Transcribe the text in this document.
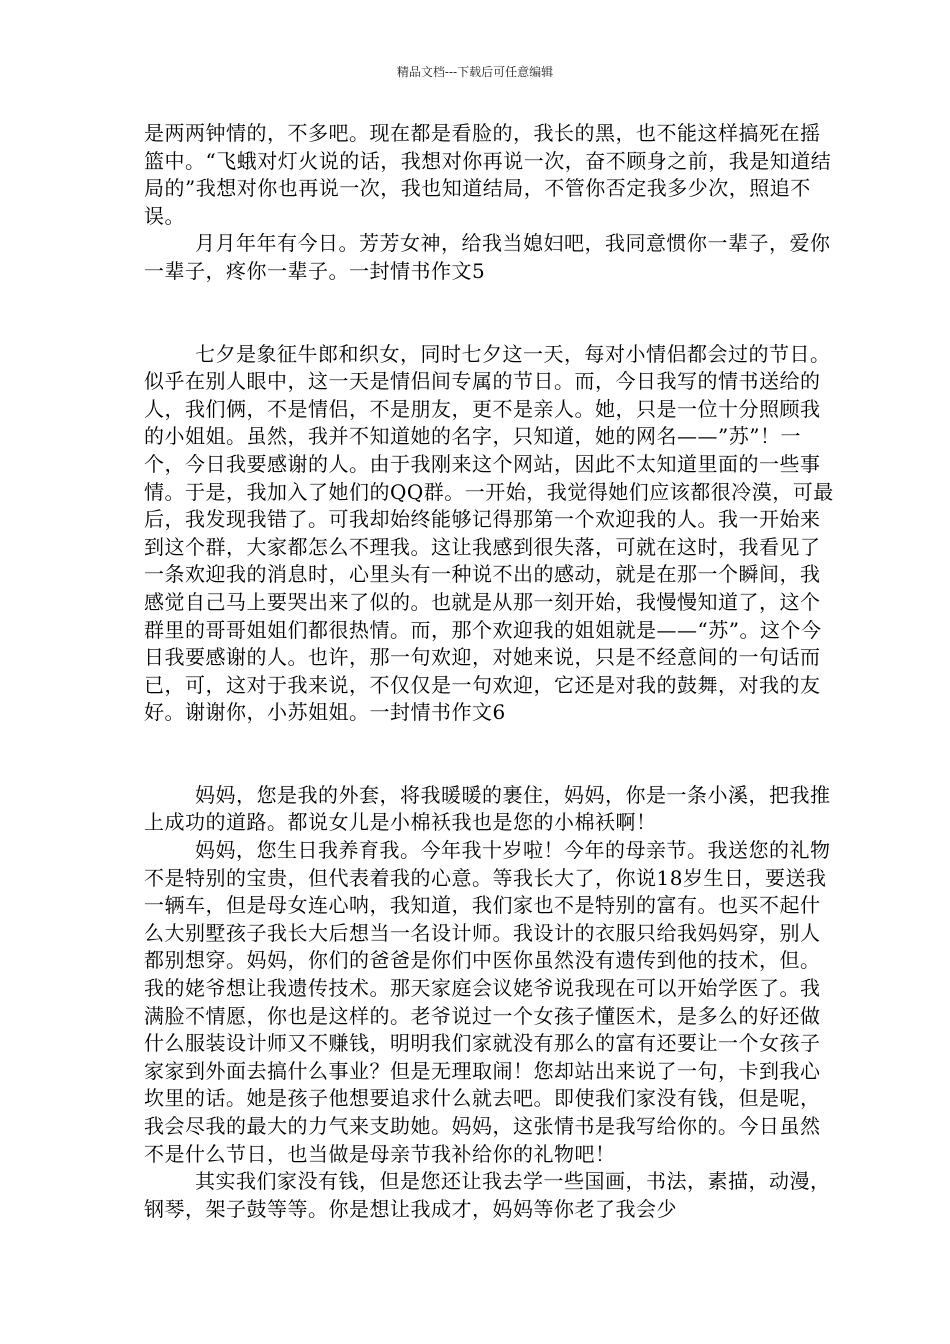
精品文档---下载后可任意编辑

是两两钟情的，不多吧。现在都是看脸的，我长的黑，也不能这样搞死在摇篮中。“飞蛾对灯火说的话，我想对你再说一次，奋不顾身之前，我是知道结局的”我想对你也再说一次，我也知道结局，不管你否定我多少次，照追不误。

月月年年有今日。芳芳女神，给我当媳妇吧，我同意惯你一辈子，爱你一辈子，疼你一辈子。一封情书作文5

七夕是象征牛郎和织女，同时七夕这一天，每对小情侣都会过的节日。似乎在别人眼中，这一天是情侣间专属的节日。而，今日我写的情书送给的人，我们俩，不是情侣，不是朋友，更不是亲人。她，只是一位十分照顾我的小姐姐。虽然，我并不知道她的名字，只知道，她的网名——”苏”！一个，今日我要感谢的人。由于我刚来这个网站，因此不太知道里面的一些事情。于是，我加入了她们的QQ群。一开始，我觉得她们应该都很冷漠，可最后，我发现我错了。可我却始终能够记得那第一个欢迎我的人。我一开始来到这个群，大家都怎么不理我。这让我感到很失落，可就在这时，我看见了一条欢迎我的消息时，心里头有一种说不出的感动，就是在那一个瞬间，我感觉自己马上要哭出来了似的。也就是从那一刻开始，我慢慢知道了，这个群里的哥哥姐姐们都很热情。而，那个欢迎我的姐姐就是——“苏”。这个今日我要感谢的人。也许，那一句欢迎，对她来说，只是不经意间的一句话而已，可，这对于我来说，不仅仅是一句欢迎，它还是对我的鼓舞，对我的友好。谢谢你，小苏姐姐。一封情书作文6

妈妈，您是我的外套，将我暖暖的裹住，妈妈，你是一条小溪，把我推上成功的道路。都说女儿是小棉袄我也是您的小棉袄啊！

妈妈，您生日我养育我。今年我十岁啦！今年的母亲节。我送您的礼物不是特别的宝贵，但代表着我的心意。等我长大了，你说18岁生日，要送我一辆车，但是母女连心呐，我知道，我们家也不是特别的富有。也买不起什么大别墅孩子我长大后想当一名设计师。我设计的衣服只给我妈妈穿，别人都别想穿。妈妈，你们的爸爸是你们中医你虽然没有遗传到他的技术，但。我的姥爷想让我遗传技术。那天家庭会议姥爷说我现在可以开始学医了。我满脸不情愿，你也是这样的。老爷说过一个女孩子懂医术，是多么的好还做什么服装设计师又不赚钱，明明我们家就没有那么的富有还要让一个女孩子家家到外面去搞什么事业？但是无理取闹！您却站出来说了一句，卡到我心坎里的话。她是孩子他想要追求什么就去吧。即使我们家没有钱，但是呢，我会尽我的最大的力气来支助她。妈妈，这张情书是我写给你的。今日虽然不是什么节日，也当做是母亲节我补给你的礼物吧！

其实我们家没有钱，但是您还让我去学一些国画，书法，素描，动漫，钢琴，架子鼓等等。你是想让我成才，妈妈等你老了我会少
